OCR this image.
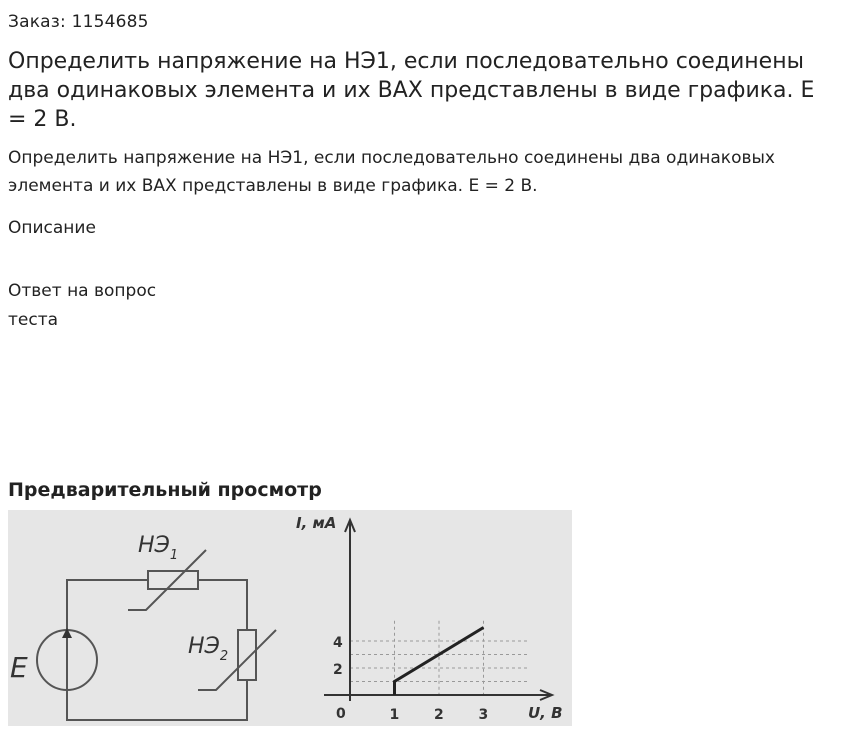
Заказ: 1154685
Определить напряжение на НЭ1, если последовательно соединены два одинаковых элемента и их ВАХ представлены в виде графика. E = 2 В.

Определить напряжение на НЭ1, если последовательно соединены два одинаковых элемента и их ВАХ представлены в виде графика. E = 2 В.

Описание
Ответ на вопрос теста
Предварительный просмотр
E
$НЭ_1$
$НЭ_2$
1 2 3
2
4
I, мА
U, В
0
